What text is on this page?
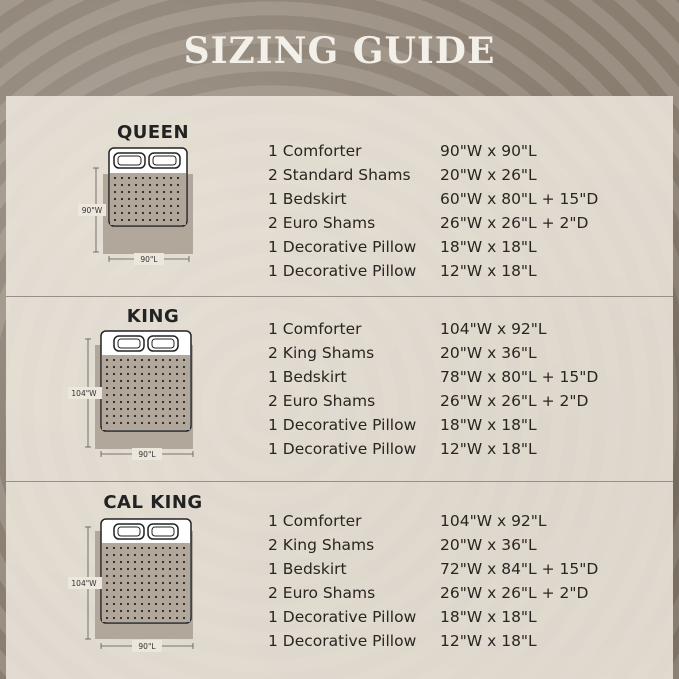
SIZING GUIDE
QUEEN
90"W
90"L
1 Comforter	90"W x 90"L
2 Standard Shams 20"W x 26"L
1 Bedskirt	60"W x 80"L + 15"D
2 Euro Shams	26"W x 26"L + 2"D
1 Decorative Pillow 18"W x 18"L
1 Decorative Pillow 12"W x 18"L
KING
104"W
90"L
1 Comforter	104"W x 92"L
2 King Shams	20"W x 36"L
1 Bedskirt	78"W x 80"L + 15"D
2 Euro Shams	26"W x 26"L + 2"D
1 Decorative Pillow 18"W x 18"L
1 Decorative Pillow 12"W x 18"L
CAL KING
104"W
90"L
1 Comforter	104"W x 92"L
2 King Shams	20"W x 36"L
1 Bedskirt	72"W x 84"L + 15"D
2 Euro Shams	26"W x 26"L + 2"D
1 Decorative Pillow 18"W x 18"L
1 Decorative Pillow 12"W x 18"L
